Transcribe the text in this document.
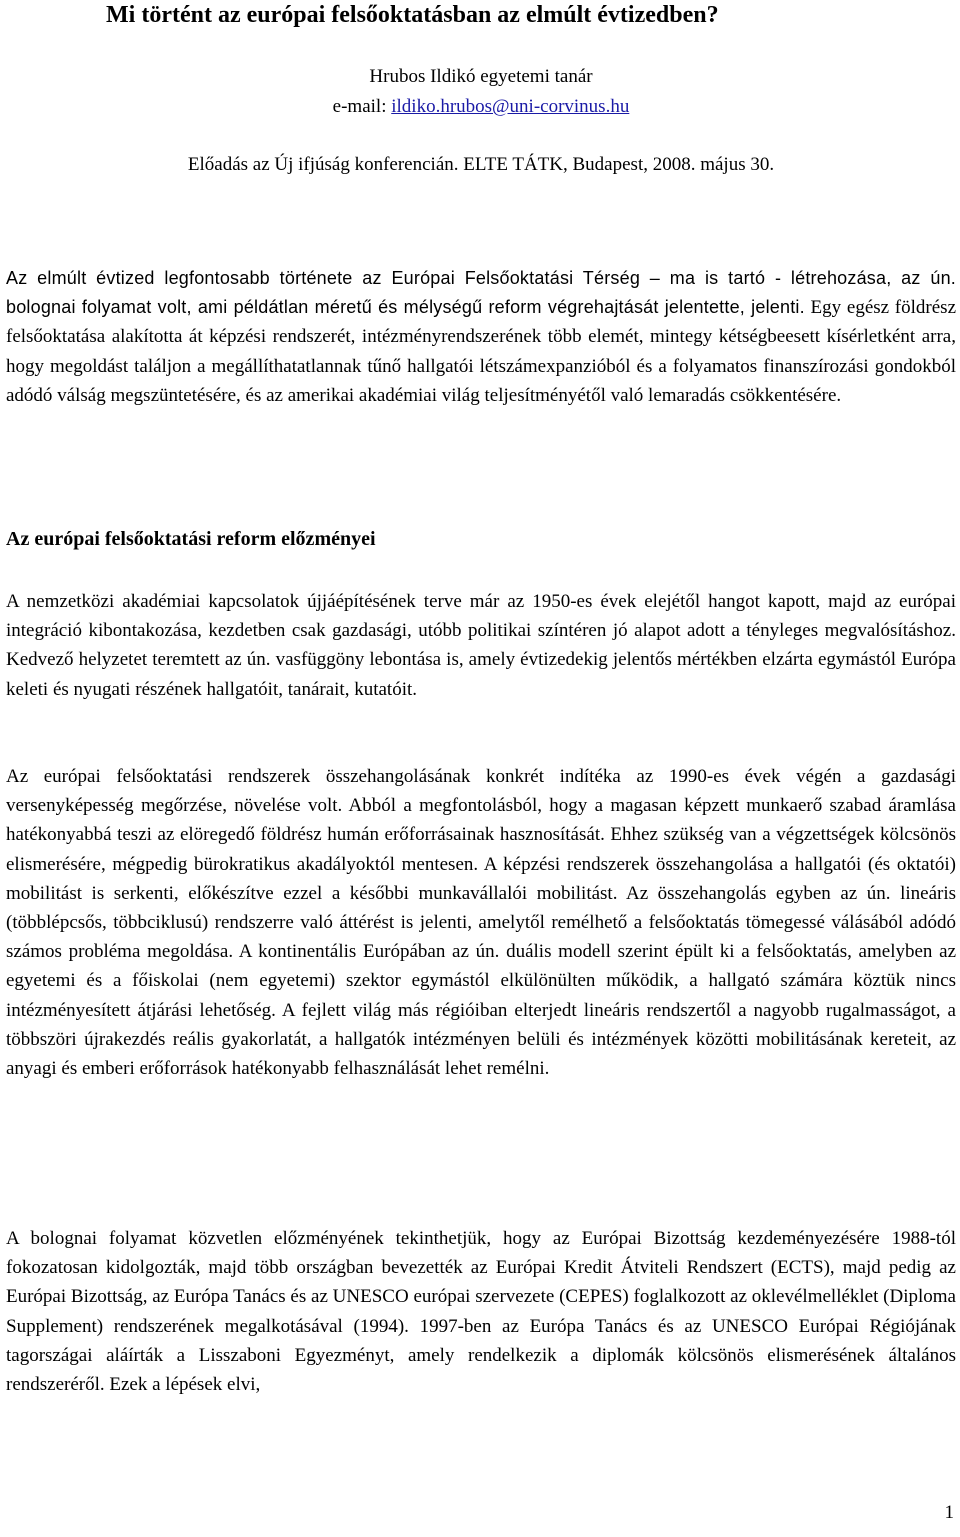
Mi történt az európai felsőoktatásban az elmúlt évtizedben?
Hrubos Ildikó egyetemi tanár
e-mail: ildiko.hrubos@uni-corvinus.hu
Előadás az Új ifjúság konferencián. ELTE TÁTK, Budapest, 2008. május 30.

Az elmúlt évtized legfontosabb története az Európai Felsőoktatási Térség – ma is tartó - létrehozása, az ún. bolognai folyamat volt, ami példátlan méretű és mélységű reform végrehajtását jelentette, jelenti. Egy egész földrész felsőoktatása alakította át képzési rendszerét, intézményrendszerének több elemét, mintegy kétségbeesett kísérletként arra, hogy megoldást találjon a megállíthatatlannak tűnő hallgatói létszámexpanzióból és a folyamatos finanszírozási gondokból adódó válság megszüntetésére, és az amerikai akadémiai világ teljesítményétől való lemaradás csökkentésére.

Az európai felsőoktatási reform előzményei

A nemzetközi akadémiai kapcsolatok újjáépítésének terve már az 1950-es évek elejétől hangot kapott, majd az európai integráció kibontakozása, kezdetben csak gazdasági, utóbb politikai színtéren jó alapot adott a tényleges megvalósításhoz. Kedvező helyzetet teremtett az ún. vasfüggöny lebontása is, amely évtizedekig jelentős mértékben elzárta egymástól Európa keleti és nyugati részének hallgatóit, tanárait, kutatóit.

Az európai felsőoktatási rendszerek összehangolásának konkrét indítéka az 1990-es évek végén a gazdasági versenyképesség megőrzése, növelése volt. Abból a megfontolásból, hogy a magasan képzett munkaerő szabad áramlása hatékonyabbá teszi az elöregedő földrész humán erőforrásainak hasznosítását. Ehhez szükség van a végzettségek kölcsönös elismerésére, mégpedig bürokratikus akadályoktól mentesen. A képzési rendszerek összehangolása a hallgatói (és oktatói) mobilitást is serkenti, előkészítve ezzel a későbbi munkavállalói mobilitást. Az összehangolás egyben az ún. lineáris (többlépcsős, többciklusú) rendszerre való áttérést is jelenti, amelytől remélhető a felsőoktatás tömegessé válásából adódó számos probléma megoldása. A kontinentális Európában az ún. duális modell szerint épült ki a felsőoktatás, amelyben az egyetemi és a főiskolai (nem egyetemi) szektor egymástól elkülönülten működik, a hallgató számára köztük nincs intézményesített átjárási lehetőség. A fejlett világ más régióiban elterjedt lineáris rendszertől a nagyobb rugalmasságot, a többszöri újrakezdés reális gyakorlatát, a hallgatók intézményen belüli és intézmények közötti mobilitásának kereteit, az anyagi és emberi erőforrások hatékonyabb felhasználását lehet remélni.

A bolognai folyamat közvetlen előzményének tekinthetjük, hogy az Európai Bizottság kezdeményezésére 1988-tól fokozatosan kidolgozták, majd több országban bevezették az Európai Kredit Átviteli Rendszert (ECTS), majd pedig az Európai Bizottság, az Európa Tanács és az UNESCO európai szervezete (CEPES) foglalkozott az oklevélmelléklet (Diploma Supplement) rendszerének megalkotásával (1994). 1997-ben az Európa Tanács és az UNESCO Európai Régiójának tagországai aláírták a Lisszaboni Egyezményt, amely rendelkezik a diplomák kölcsönös elismerésének általános rendszeréről. Ezek a lépések elvi,

1
